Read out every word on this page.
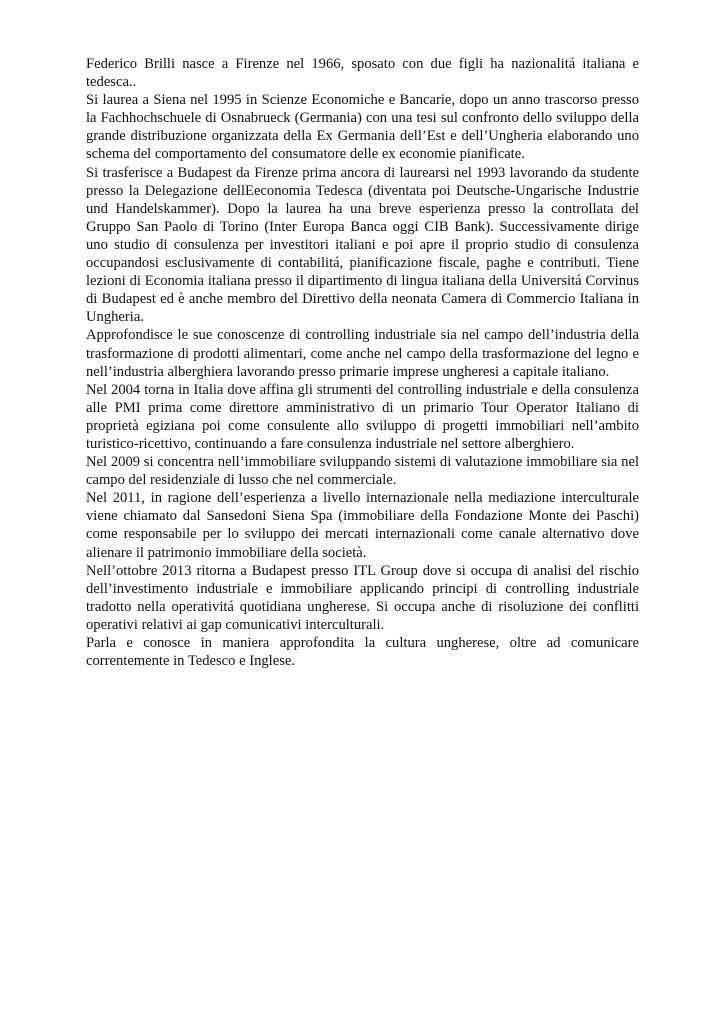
Federico Brilli nasce a Firenze nel 1966, sposato con due figli ha nazionalitá italiana e tedesca..

Si laurea a Siena nel 1995 in Scienze Economiche e Bancarie, dopo un anno trascorso presso la Fachhochschuele di Osnabrueck (Germania) con una tesi sul confronto dello sviluppo della grande distribuzione organizzata della Ex Germania dell’Est e dell’Ungheria elaborando uno schema del comportamento del consumatore delle ex economie pianificate.

Si trasferisce a Budapest da Firenze prima ancora di laurearsi nel 1993 lavorando da studente presso la Delegazione dellEeconomia Tedesca (diventata poi Deutsche-Ungarische Industrie und Handelskammer). Dopo la laurea ha una breve esperienza presso la controllata del Gruppo San Paolo di Torino (Inter Europa Banca oggi CIB Bank). Successivamente dirige uno studio di consulenza per investitori italiani e poi apre il proprio studio di consulenza occupandosi esclusivamente di contabilitá, pianificazione fiscale, paghe e contributi. Tiene lezioni di Economia italiana presso il dipartimento di lingua italiana della Universitá Corvinus di Budapest ed è anche membro del Direttivo della neonata Camera di Commercio Italiana in Ungheria.

Approfondisce le sue conoscenze di controlling industriale sia nel campo dell’industria della trasformazione di prodotti alimentari, come anche nel campo della trasformazione del legno e nell’industria alberghiera lavorando presso primarie imprese ungheresi a capitale italiano.

Nel 2004 torna in Italia dove affina gli strumenti del controlling industriale e della consulenza alle PMI prima come direttore amministrativo di un primario Tour Operator Italiano di proprietà egiziana poi come consulente allo sviluppo di progetti immobiliari nell’ambito turistico-ricettivo, continuando a fare consulenza industriale nel settore alberghiero.

Nel 2009 si concentra nell’immobiliare sviluppando sistemi di valutazione immobiliare sia nel campo del residenziale di lusso che nel commerciale.

Nel 2011, in ragione dell’esperienza a livello internazionale nella mediazione interculturale viene chiamato dal Sansedoni Siena Spa (immobiliare della Fondazione Monte dei Paschi) come responsabile per lo sviluppo dei mercati internazionali come canale alternativo dove alienare il patrimonio immobiliare della società.

Nell’ottobre 2013 ritorna a Budapest presso ITL Group dove si occupa di analisi del rischio dell’investimento industriale e immobiliare applicando principi di controlling industriale tradotto nella operativitá quotidiana ungherese. Si occupa anche di risoluzione dei conflitti operativi relativi ai gap comunicativi interculturali.

Parla e conosce in maniera approfondita la cultura ungherese, oltre ad comunicare correntemente in Tedesco e Inglese.
